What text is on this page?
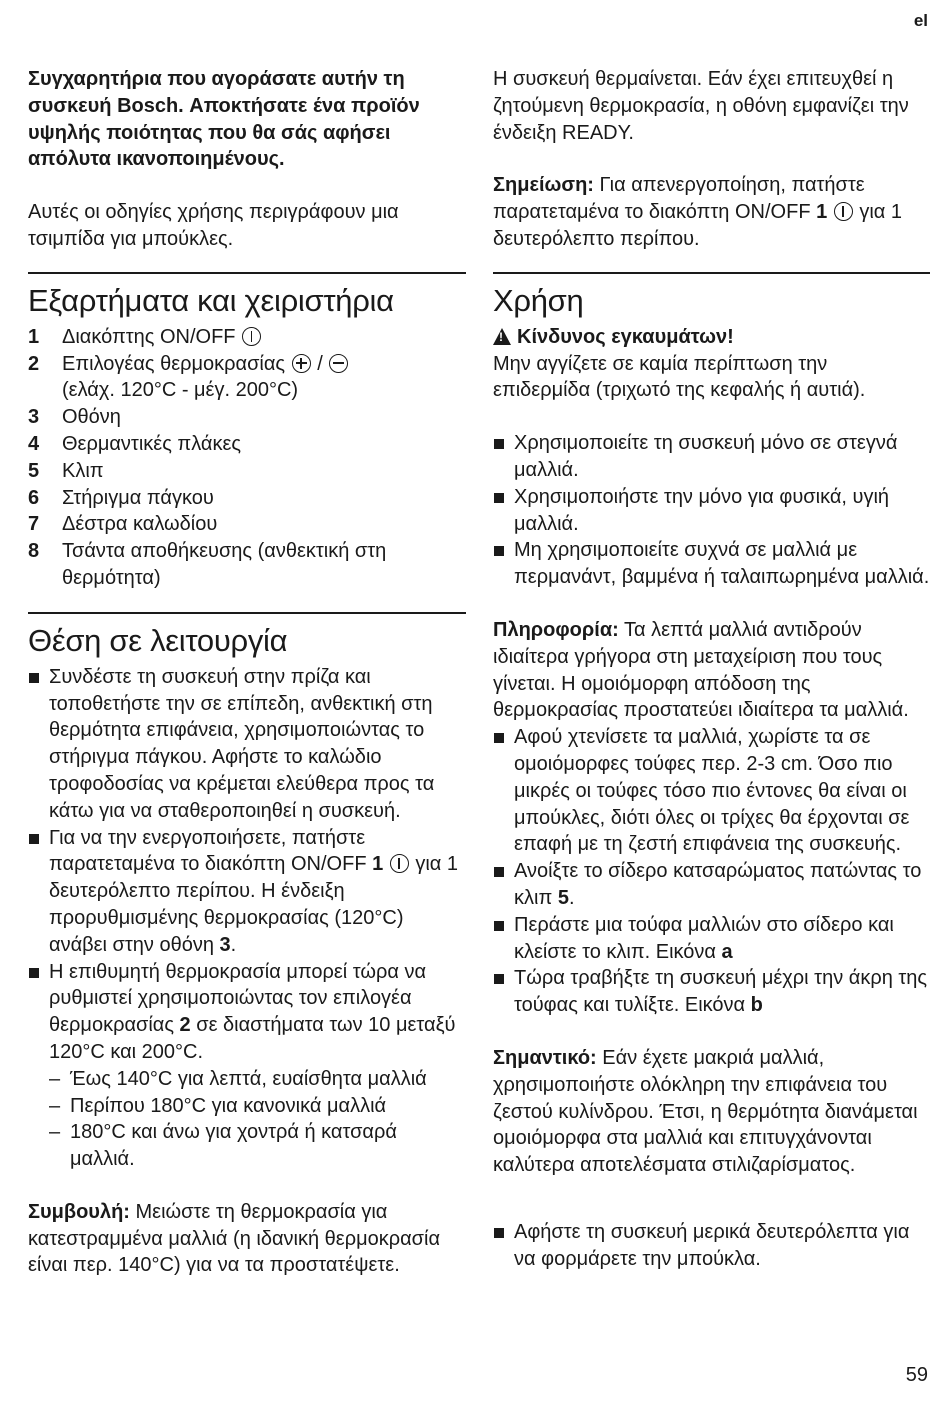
el

Συγχαρητήρια που αγοράσατε αυτήν τη συσκευή Bosch. Αποκτήσατε ένα προϊόν υψηλής ποιότητας που θα σάς αφήσει απόλυτα ικανοποιημένους.

Αυτές οι οδηγίες χρήσης περιγράφουν μια τσιμπίδα για μπούκλες.

Εξαρτήματα και χειριστήρια
1 Διακόπτης ON/OFF
2 Επιλογέας θερμοκρασίας /
(ελάχ. 120°C - μέγ. 200°C)
3 Οθόνη
4 Θερμαντικές πλάκες
5 Κλιπ
6 Στήριγμα πάγκου
7 Δέστρα καλωδίου
8 Τσάντα αποθήκευσης (ανθεκτική στη θερμότητα)
Θέση σε λειτουργία
Συνδέστε τη συσκευή στην πρίζα και τοποθετήστε την σε επίπεδη, ανθεκτική στη θερμότητα επιφάνεια, χρησιμοποιώντας το στήριγμα πάγκου. Αφήστε το καλώδιο τροφοδοσίας να κρέμεται ελεύθερα προς τα κάτω για να σταθεροποιηθεί η συσκευή.
Για να την ενεργοποιήσετε, πατήστε παρατεταμένα το διακόπτη ON/OFF 1  για 1 δευτερόλεπτο περίπου. Η ένδειξη προρυθμισμένης θερμοκρασίας (120°C) ανάβει στην οθόνη 3.
Η επιθυμητή θερμοκρασία μπορεί τώρα να ρυθμιστεί χρησιμοποιώντας τον επιλογέα θερμοκρασίας 2 σε διαστήματα των 10 μεταξύ 120°C και 200°C.
– Έως 140°C για λεπτά, ευαίσθητα μαλλιά
– Περίπου 180°C για κανονικά μαλλιά
– 180°C και άνω για χοντρά ή κατσαρά μαλλιά.

Συμβουλή: Μειώστε τη θερμοκρασία για κατεστραμμένα μαλλιά (η ιδανική θερμοκρασία είναι περ. 140°C) για να τα προστατέψετε.

Η συσκευή θερμαίνεται. Εάν έχει επιτευχθεί η ζητούμενη θερμοκρασία, η οθόνη εμφανίζει την ένδειξη READY.

Σημείωση: Για απενεργοποίηση, πατήστε παρατεταμένα το διακόπτη ON/OFF 1  για 1 δευτερόλεπτο περίπου.

Χρήση

!Κίνδυνος εγκαυμάτων!

Μην αγγίζετε σε καμία περίπτωση την επιδερμίδα (τριχωτό της κεφαλής ή αυτιά).

Χρησιμοποιείτε τη συσκευή μόνο σε στεγνά μαλλιά.
Χρησιμοποιήστε την μόνο για φυσικά, υγιή μαλλιά.
Μη χρησιμοποιείτε συχνά σε μαλλιά με περμανάντ, βαμμένα ή ταλαιπωρημένα μαλλιά.

Πληροφορία: Τα λεπτά μαλλιά αντιδρούν ιδιαίτερα γρήγορα στη μεταχείριση που τους γίνεται. Η ομοιόμορφη απόδοση της θερμοκρασίας προστατεύει ιδιαίτερα τα μαλλιά.

Αφού χτενίσετε τα μαλλιά, χωρίστε τα σε ομοιόμορφες τούφες περ. 2-3 cm. Όσο πιο μικρές οι τούφες τόσο πιο έντονες θα είναι οι μπούκλες, διότι όλες οι τρίχες θα έρχονται σε επαφή με τη ζεστή επιφάνεια της συσκευής.
Ανοίξτε το σίδερο κατσαρώματος πατώντας το κλιπ 5.
Περάστε μια τούφα μαλλιών στο σίδερο και κλείστε το κλιπ. Εικόνα a
Τώρα τραβήξτε τη συσκευή μέχρι την άκρη της τούφας και τυλίξτε. Εικόνα b

Σημαντικό: Εάν έχετε μακριά μαλλιά, χρησιμοποιήστε ολόκληρη την επιφάνεια του ζεστού κυλίνδρου. Έτσι, η θερμότητα διανάμεται ομοιόμορφα στα μαλλιά και επιτυγχάνονται καλύτερα αποτελέσματα στιλιζαρίσματος.

Αφήστε τη συσκευή μερικά δευτερόλεπτα για να φορμάρετε την μπούκλα.
59
